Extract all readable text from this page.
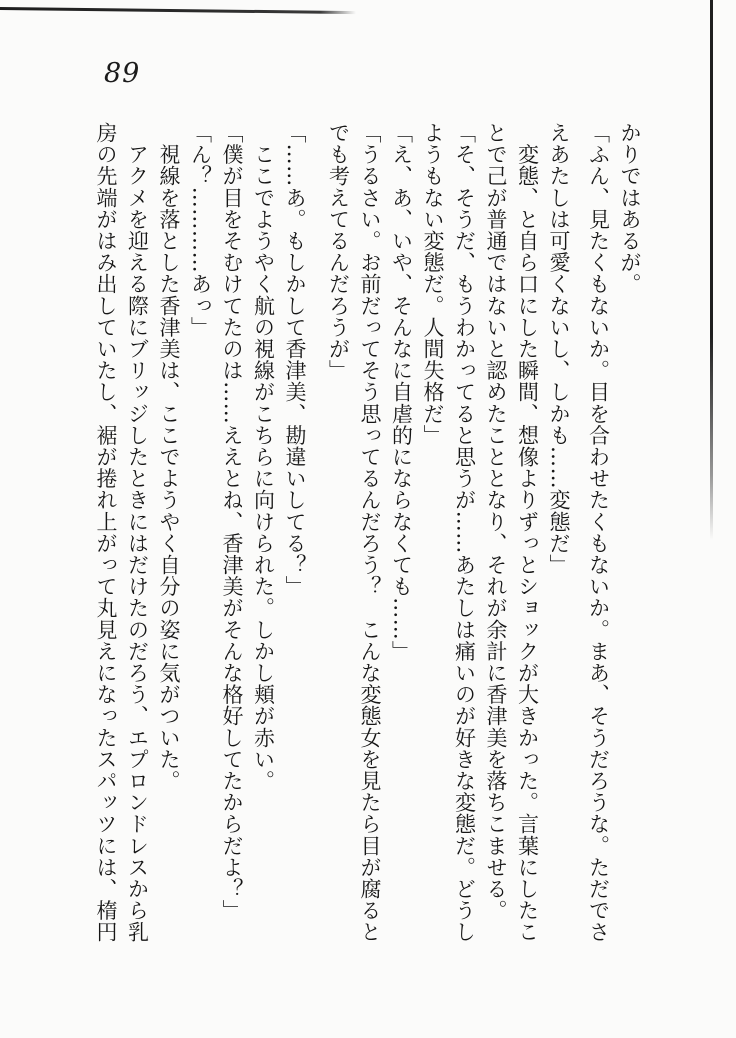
89
かりではあるが。
「ふん、見たくもないか。目を合わせたくもないか。まあ、そうだろうな。ただでさ
えあたしは可愛くないし、しかも……変態だ」
　変態、と自ら口にした瞬間、想像よりずっとショックが大きかった。言葉にしたこ
とで己が普通ではないと認めたこととなり、それが余計に香津美を落ちこませる。
「そ、そうだ、もうわかってると思うが……あたしは痛いのが好きな変態だ。どうし
ようもない変態だ。人間失格だ」
「え、あ、いや、そんなに自虐的にならなくても……」
「うるさい。お前だってそう思ってるんだろう？　こんな変態女を見たら目が腐ると
でも考えてるんだろうが」
「……あ。もしかして香津美、勘違いしてる？」
　ここでようやく航の視線がこちらに向けられた。しかし頬が赤い。
「僕が目をそむけてたのは……ええとね、香津美がそんな格好してたからだよ？」
「ん？…………あっ」
　視線を落とした香津美は、ここでようやく自分の姿に気がついた。
　アクメを迎える際にブリッジしたときにはだけたのだろう、エプロンドレスから乳
房の先端がはみ出していたし、裾が捲れ上がって丸見えになったスパッツには、楕円
